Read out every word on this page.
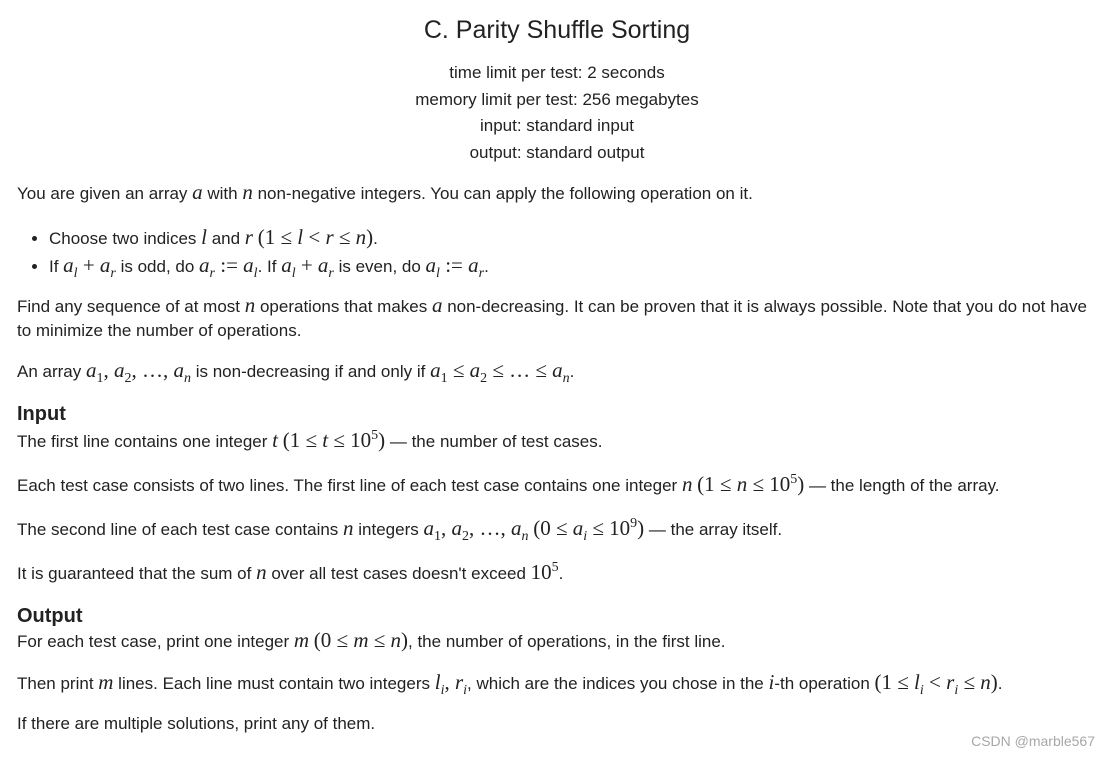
C. Parity Shuffle Sorting
time limit per test: 2 seconds
memory limit per test: 256 megabytes
input: standard input
output: standard output
You are given an array a with n non-negative integers. You can apply the following operation on it.
• Choose two indices l and r (1 ≤ l < r ≤ n).
• If $a_l + a_r$ is odd, do $a_r$ := $a_l$. If $a_l + a_r$ is even, do $a_l$ := $a_r$.
Find any sequence of at most n operations that makes a non-decreasing. It can be proven that it is always possible. Note that you do not have to minimize the number of operations.
An array $a_1$, $a_2$, …, $a_n$ is non-decreasing if and only if $a_1 \le a_2$ ≤ … ≤ $a_n$.
Input
The first line contains one integer t $(1 \le t \le 10^5)$ — the number of test cases.
Each test case consists of two lines. The first line of each test case contains one integer n $(1 \le n \le 10^5)$ — the length of the array.
The second line of each test case contains n integers $a_1$, $a_2$, …, $a_n$ $(0 \le a_i \le 10^9)$ — the array itself.
It is guaranteed that the sum of n over all test cases doesn't exceed $10^5$.
Output
For each test case, print one integer m (0 ≤ m ≤ n), the number of operations, in the first line.
Then print m lines. Each line must contain two integers $l_i$, $r_i$, which are the indices you chose in the i-th operation $(1 \le l_i < r_i \le n)$.
If there are multiple solutions, print any of them.
CSDN @marble567
